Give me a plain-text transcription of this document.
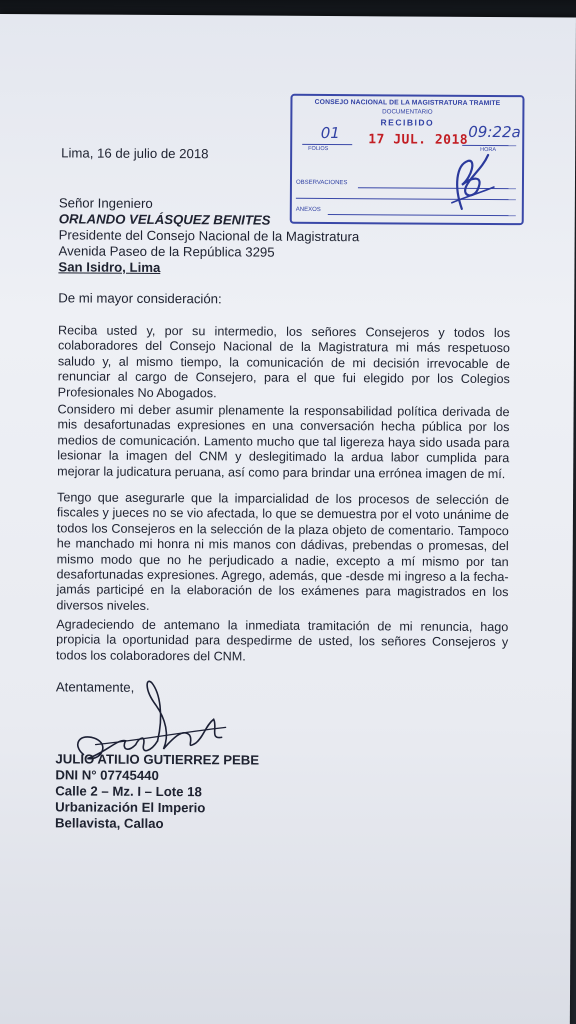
CONSEJO NACIONAL DE LA MAGISTRATURA TRAMITE
DOCUMENTARIO
RECIBIDO
01
FOLIOS
17 JUL. 2018 09:22a
HORA
OBSERVACIONES
ANEXOS
Lima, 16 de julio de 2018
Señor Ingeniero
ORLANDO VELÁSQUEZ BENITES
Presidente del Consejo Nacional de la Magistratura
Avenida Paseo de la República 3295
San Isidro, Lima
De mi mayor consideración:
Reciba usted y, por su intermedio, los señores Consejeros y todos los colaboradores del Consejo Nacional de la Magistratura mi más respetuoso saludo y, al mismo tiempo, la comunicación de mi decisión irrevocable de renunciar al cargo de Consejero, para el que fui elegido por los Colegios Profesionales No Abogados.
Considero mi deber asumir plenamente la responsabilidad política derivada de mis desafortunadas expresiones en una conversación hecha pública por los medios de comunicación. Lamento mucho que tal ligereza haya sido usada para lesionar la imagen del CNM y deslegitimado la ardua labor cumplida para mejorar la judicatura peruana, así como para brindar una errónea imagen de mí.
Tengo que asegurarle que la imparcialidad de los procesos de selección de fiscales y jueces no se vio afectada, lo que se demuestra por el voto unánime de todos los Consejeros en la selección de la plaza objeto de comentario. Tampoco he manchado mi honra ni mis manos con dádivas, prebendas o promesas, del mismo modo que no he perjudicado a nadie, excepto a mí mismo por tan desafortunadas expresiones. Agrego, además, que -desde mi ingreso a la fecha- jamás participé en la elaboración de los exámenes para magistrados en los diversos niveles.
Agradeciendo de antemano la inmediata tramitación de mi renuncia, hago propicia la oportunidad para despedirme de usted, los señores Consejeros y todos los colaboradores del CNM.
Atentamente,
JULIO ATILIO GUTIERREZ PEBE
DNI N° 07745440
Calle 2 – Mz. I – Lote 18
Urbanización El Imperio
Bellavista, Callao
